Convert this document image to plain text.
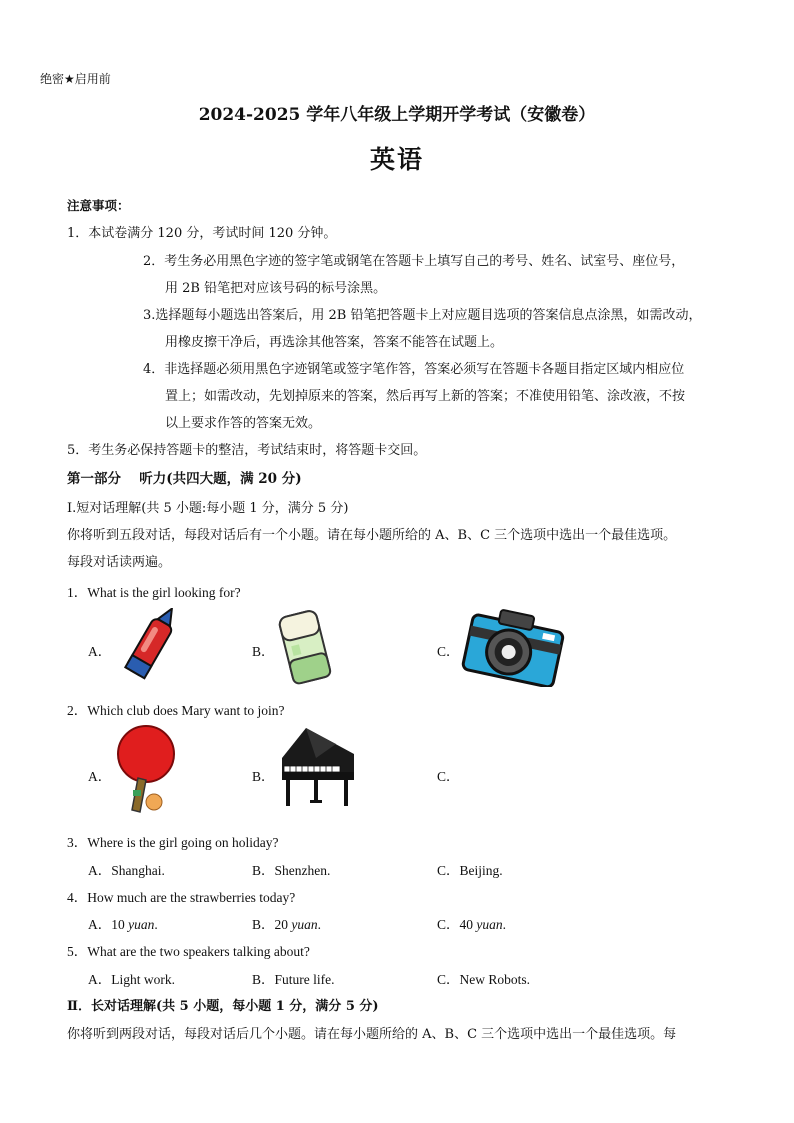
绝密★启用前
2024-2025 学年八年级上学期开学考试（安徽卷）
英语
注意事项：
1．本试卷满分 120 分，考试时间 120 分钟。
2．考生务必用黑色字迹的签字笔或钢笔在答题卡上填写自己的考号、姓名、试室号、座位号，
用 2B 铅笔把对应该号码的标号涂黑。
3.选择题每小题选出答案后，用 2B 铅笔把答题卡上对应题目选项的答案信息点涂黑，如需改动，
用橡皮擦干净后，再选涂其他答案，答案不能答在试题上。
4．非选择题必须用黑色字迹钢笔或签字笔作答，答案必须写在答题卡各题目指定区域内相应位
置上；如需改动，先划掉原来的答案，然后再写上新的答案；不准使用铅笔、涂改液，不按
以上要求作答的答案无效。
5．考生务必保持答题卡的整洁，考试结束时，将答题卡交回。
第一部分　 听力(共四大题，满 20 分)
Ⅰ.短对话理解(共 5 小题:每小题 1 分，满分 5 分)
你将听到五段对话，每段对话后有一个小题。请在每小题所给的 A、B、C 三个选项中选出一个最佳选项。
每段对话读两遍。
1．What is the girl looking for?
A．	B．	C．
2．Which club does Mary want to join?
A．	B．	C．
3．Where is the girl going on holiday?
A．Shanghai.	B．Shenzhen.	C．Beijing.
4．How much are the strawberries today?
A．10 yuan.	B．20 yuan.	C．40 yuan.
5．What are the two speakers talking about?
A．Light work.	B．Future life.	C．New Robots.
Ⅱ．长对话理解(共 5 小题，每小题 1 分，满分 5 分)
你将听到两段对话，每段对话后几个小题。请在每小题所给的 A、B、C 三个选项中选出一个最佳选项。每
